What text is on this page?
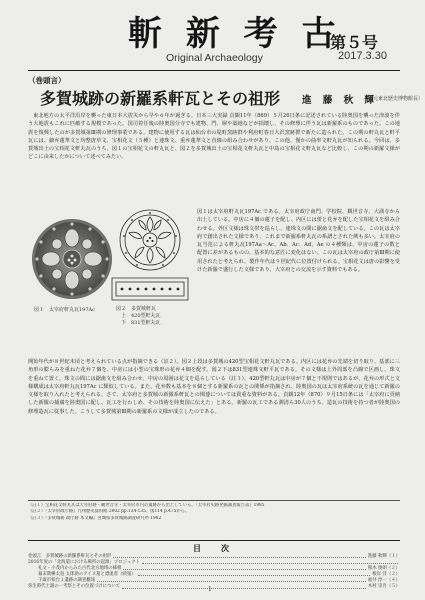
斬 新 考 古
Original Archaeology
第５号
2017.3.30
（巻頭言）
多賀城跡の新羅系軒瓦とその祖形 進 藤 秋 輝
（元東北歴史博物館長）
東北地方の太平洋沿岸を襲った東日本大震災から早や６年が過ぎる。日本三大実録 貞観11年（869）５月26日条に記述されている陸奥国を襲った津波を伴う大地震もこれに匹敵する規模であった。国司着任後の陸奥国分寺でも建物、門、塀や築地などが損壊し、その修理に伴う瓦は新羅系のものであった。この地震を復興したのが多賀城第Ⅲ期の修理事業である。建物に使用する瓦は仙台市の堤町窯跡群や利府町春日大沢窯跡群で新たに造られた。この期の軒丸瓦と軒平瓦には、細弁蓮華文と均整唐草文、宝相花文（５種）と連珠文、重弁蓮華文と直線の組み合わせがあり、この他、僅かの曲率文軒丸瓦が知られる。今回は、多賀城出土の宝相花文軒丸瓦のうち、図１の宝相花文の軒丸瓦と、図２を多賀城出土の宝相花文軒丸瓦と中島の宝相花文軒丸瓦など比較し、この期の新羅文様がどこに由来したかについて述べてみたい。
図１　太宰府軒丸瓦197Ac	図２　多賀城軒瓦
　上　420型軒丸瓦
　下　831型軒丸瓦
図１は太宰府軒丸瓦197Ac である。太宰府政庁南門、学校院、観世音寺、大満寺から出土している。中房に４個の蓮子を配し、内区には蕾と花弁を配した宝相花文を組み合わせる。外区文様は珠文帯を巡らし、連珠文の間に鋸歯文を配している。この瓦は太宰府で創出された文様であり、これまで新羅系軒丸瓦の系譜とされた例も多い。太宰府の瓦当范による軒丸瓦197Aa〜Ac、Ab、Ac、Ad、Ae の４種類は、中房の蓮子の数と配置に差があるものの、基本的な意匠に変化はない。この瓦は太宰府の政庁第Ⅲ期に使用されたと考えられ、製作年代は９世紀代に位置付けられる。宝相花文は唐の影響を受けた新羅で盛行した文様であり、大宰府との交流を示す資料でもある。
開始年代が８世紀末頃と考えられている点が指摘できる（註２）。図２上段は多賀城の420型宝相花文軒丸瓦である。内区には花弁の先端を切り取り、基部に三角形の膨らみを重ねた花弁７個を、中房には小型の宝珠形の花弁４個を配す。図２下は831型連珠文軒平瓦である。その文様は上外周部を凸線で区画し、珠文を重ねて置く。珠文の間には鋸歯文を組み合わせ、中房の周囲は花文を巡らしている（註３）。420型軒丸瓦は中房が７個と不規則ではあるが、花弁の形式と文様構成は太宰府軒丸瓦197Ac に類似している。また、花弁数も基本を８個とする新羅系の瓦との関係が指摘され、陸奥国の瓦は太宰府系統の瓦を通じて新羅の文様を取り入れたと考えられる。さて、太宰府と多賀城の新羅系軒瓦との関連については貴重な資料がある。貞観12年（870）９月15日条には「太宰府に貢納した新羅の捕虜を陸奥国に配し、瓦工を行わしめ、その技術を陸奥国に伝えた」とある。新羅の瓦工である潤清ら30人のうち、造瓦の技術を持つ者が陸奥国の修理造瓦に従事した。こうして多賀城第Ⅲ期の新羅系の文様が成立したのである。
（註１）宝相花文軒丸瓦は大宰府跡・観世音寺・太宰府市内の遺跡から出土している。『太宰府史跡発掘調査報告書』1985
（註２）『太宰府政庁跡』九州歴史資料館 2002 pp.134-135、図114 p.475から。
（註３）『多賀城跡 政庁跡 本文編』宮城県多賀城跡調査研究所 1982
目　次
巻頭言　多賀城跡の新羅系軒瓦とその祖形	進藤 秋輝（１）
2016年度の「北海道における場所の起源」プロジェクト
礼文・小茂内からみた古代北方地域の様相	熊木 俊朗（２）
幕末期樺太島 太郎助のアイヌ墓と漂流者（続報）	根岸 洋（２）
千歳市柏台１遺跡の調査概報	福井 淳一（４）
弥生時代土器の一考察とその位置づけについて	木村 崇吾（５）
1
